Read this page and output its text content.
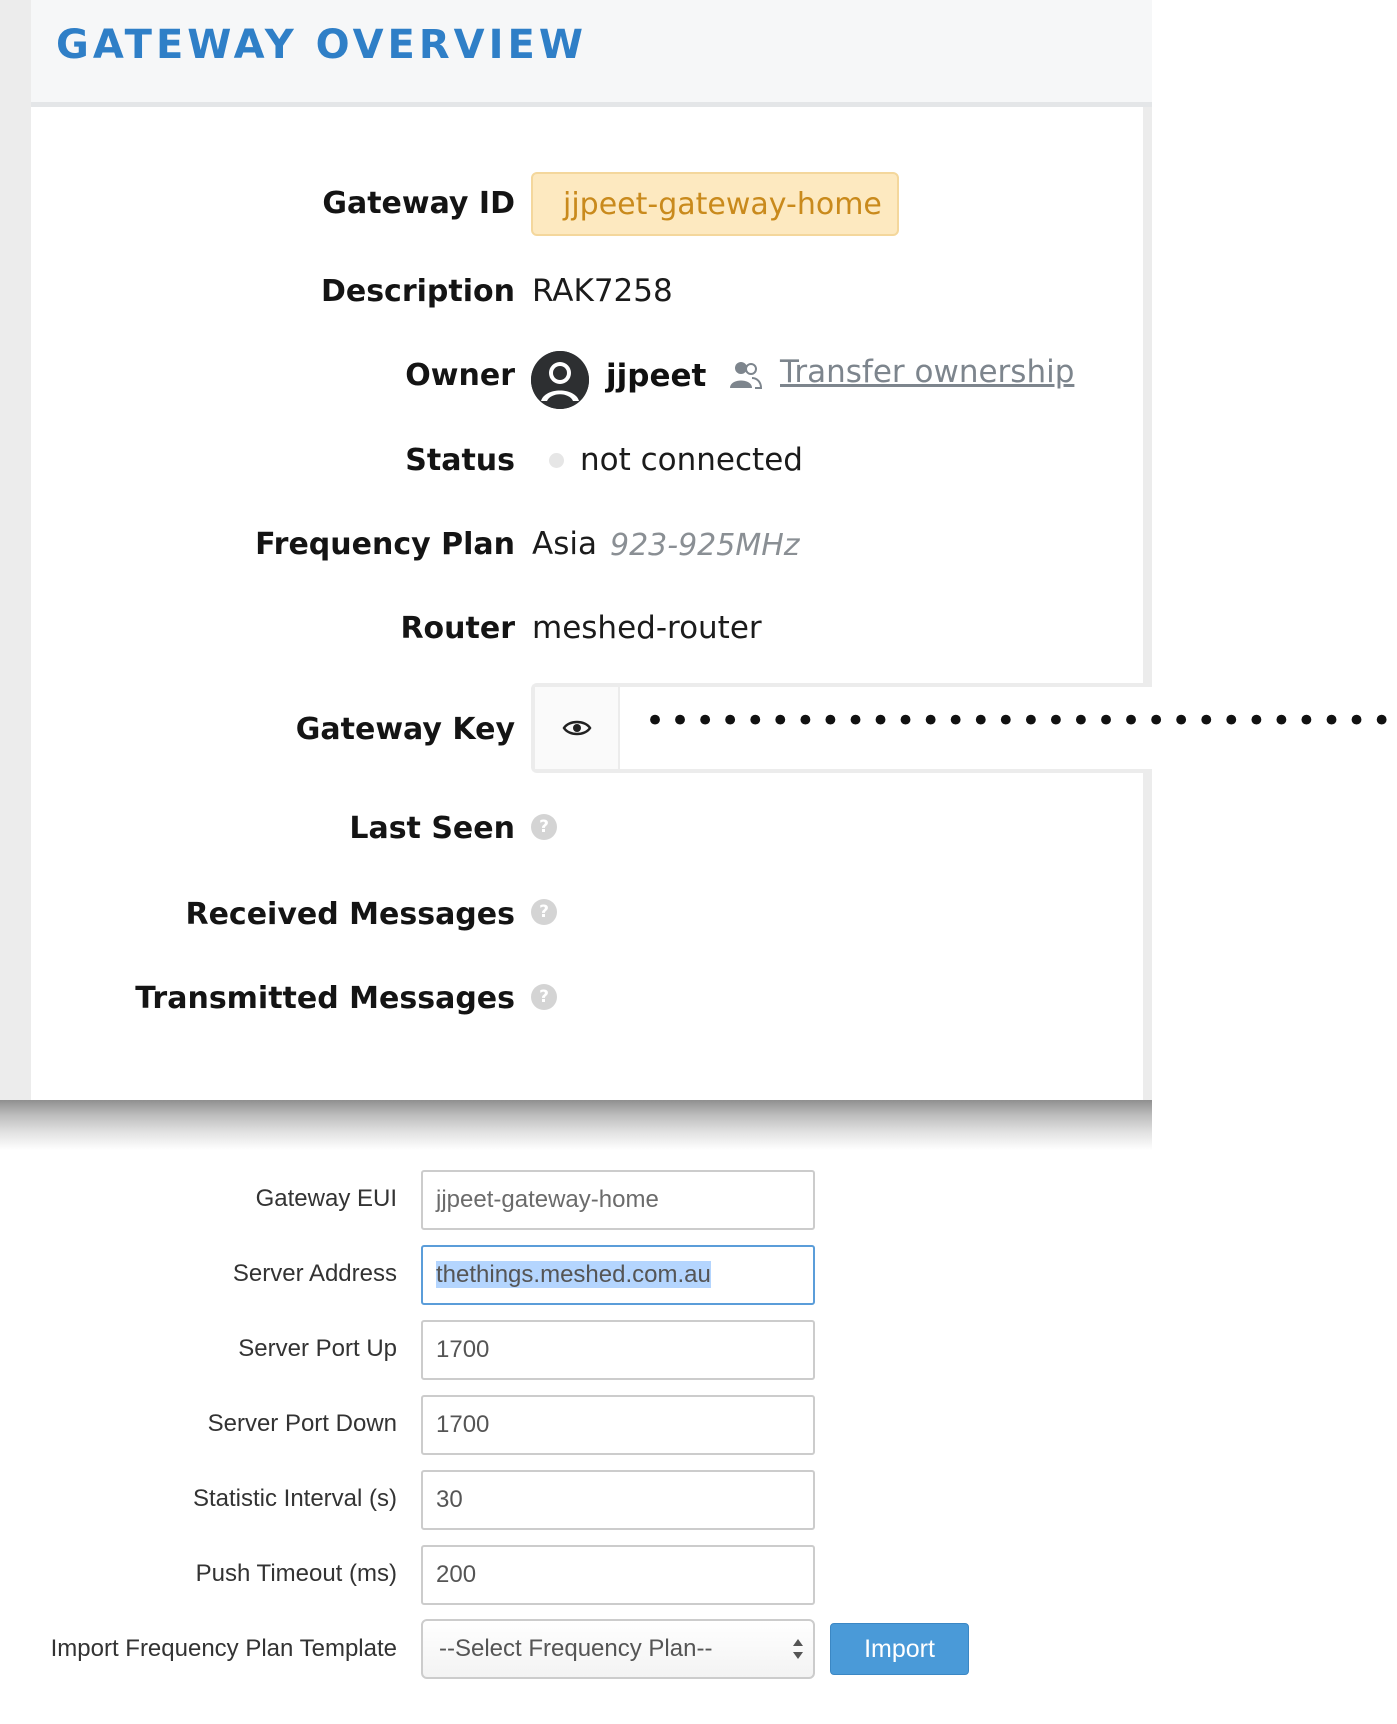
GATEWAY OVERVIEW
Gateway ID jjpeet-gateway-home
Description RAK7258
Owner	jjpeet Transfer ownership
Status not connected
Frequency Plan Asia 923-925MHz
Router meshed-router
Gateway Key	••••••••••••••••••••••••••••••
Last Seen	?
Received Messages	?
Transmitted Messages	?
Gateway EUI	jjpeet-gateway-home
Server Address	thethings.meshed.com.au
Server Port Up	1700
Server Port Down	1700
Statistic Interval (s)	30
Push Timeout (ms)	200
Import Frequency Plan Template	--Select Frequency Plan--	Import
